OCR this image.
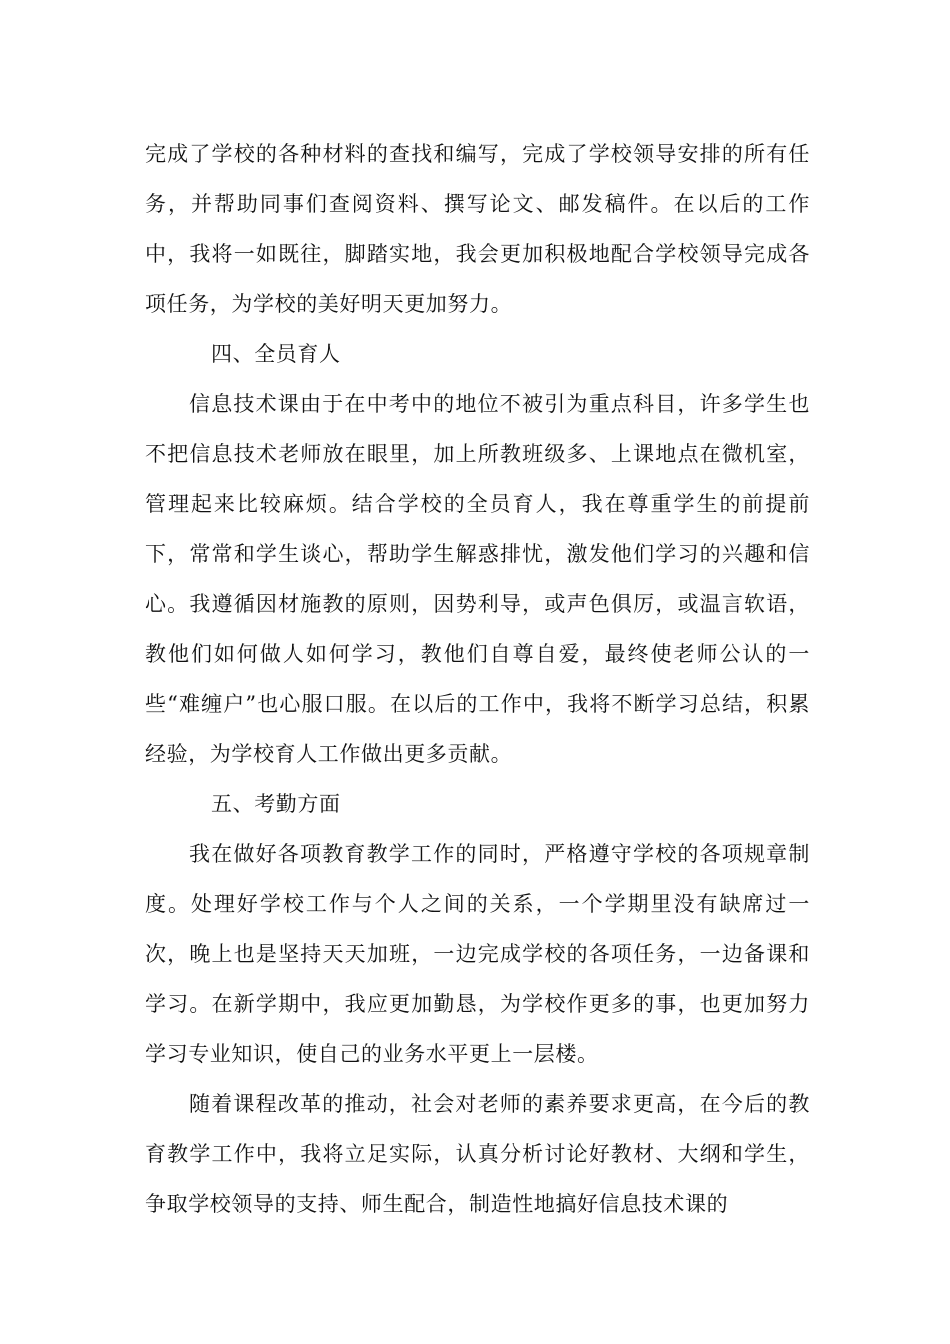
完成了学校的各种材料的查找和编写，完成了学校领导安排的所有任务，并帮助同事们查阅资料、撰写论文、邮发稿件。在以后的工作中，我将一如既往，脚踏实地，我会更加积极地配合学校领导完成各项任务，为学校的美好明天更加努力。

四、全员育人

信息技术课由于在中考中的地位不被引为重点科目，许多学生也不把信息技术老师放在眼里，加上所教班级多、上课地点在微机室，管理起来比较麻烦。结合学校的全员育人，我在尊重学生的前提前下，常常和学生谈心，帮助学生解惑排忧，激发他们学习的兴趣和信心。我遵循因材施教的原则，因势利导，或声色俱厉，或温言软语，教他们如何做人如何学习，教他们自尊自爱，最终使老师公认的一些“难缠户”也心服口服。在以后的工作中，我将不断学习总结，积累经验，为学校育人工作做出更多贡献。

五、考勤方面

我在做好各项教育教学工作的同时，严格遵守学校的各项规章制度。处理好学校工作与个人之间的关系，一个学期里没有缺席过一次，晚上也是坚持天天加班，一边完成学校的各项任务，一边备课和学习。在新学期中，我应更加勤恳，为学校作更多的事，也更加努力学习专业知识，使自己的业务水平更上一层楼。

随着课程改革的推动，社会对老师的素养要求更高，在今后的教育教学工作中，我将立足实际，认真分析讨论好教材、大纲和学生，争取学校领导的支持、师生配合，制造性地搞好信息技术课的
